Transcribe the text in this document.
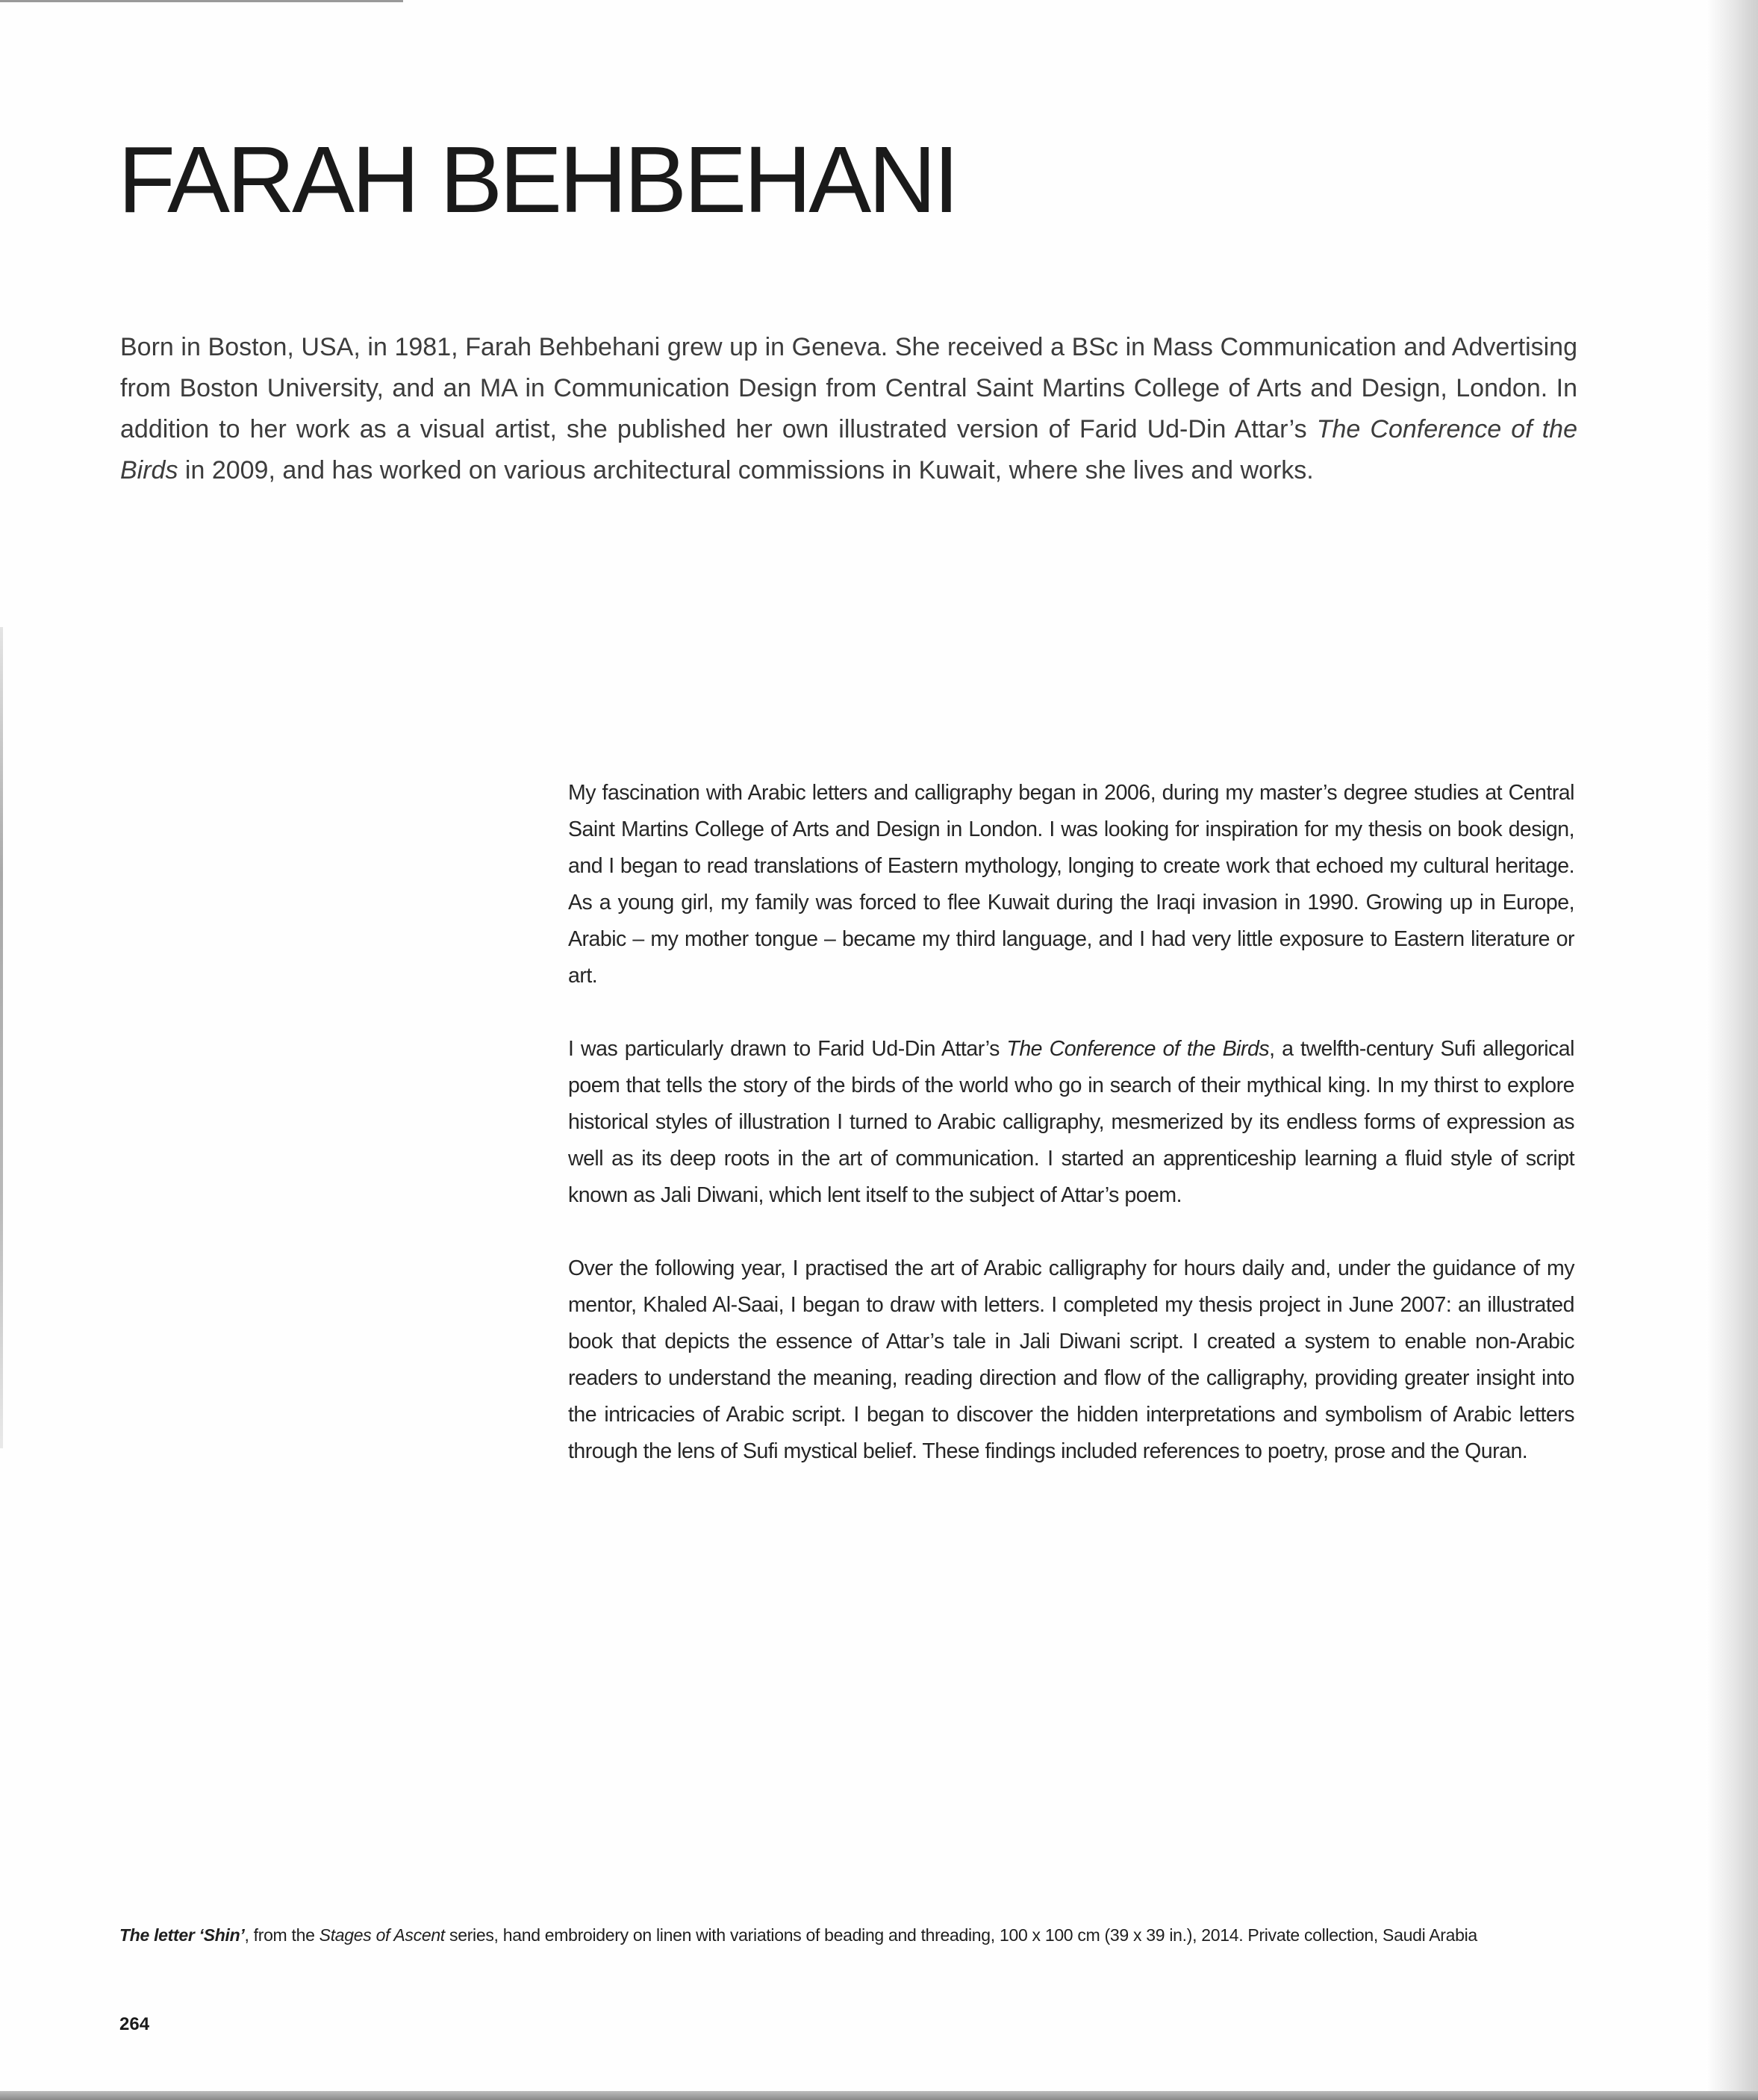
FARAH BEHBEHANI

Born in Boston, USA, in 1981, Farah Behbehani grew up in Geneva. She received a BSc in Mass Communication and Advertising from Boston University, and an MA in Communication Design from Central Saint Martins College of Arts and Design, London. In addition to her work as a visual artist, she published her own illustrated version of Farid Ud-Din Attar’s The Conference of the Birds in 2009, and has worked on various architectural commissions in Kuwait, where she lives and works.

My fascination with Arabic letters and calligraphy began in 2006, during my master’s degree studies at Central Saint Martins College of Arts and Design in London. I was looking for inspiration for my thesis on book design, and I began to read translations of Eastern mythology, longing to create work that echoed my cultural heritage. As a young girl, my family was forced to flee Kuwait during the Iraqi invasion in 1990. Growing up in Europe, Arabic – my mother tongue – became my third language, and I had very little exposure to Eastern literature or art.

I was particularly drawn to Farid Ud-Din Attar’s The Conference of the Birds, a twelfth-century Sufi allegorical poem that tells the story of the birds of the world who go in search of their mythical king. In my thirst to explore historical styles of illustration I turned to Arabic calligraphy, mesmerized by its endless forms of expression as well as its deep roots in the art of communication. I started an apprenticeship learning a fluid style of script known as Jali Diwani, which lent itself to the subject of Attar’s poem.

Over the following year, I practised the art of Arabic calligraphy for hours daily and, under the guidance of my mentor, Khaled Al-Saai, I began to draw with letters. I completed my thesis project in June 2007: an illustrated book that depicts the essence of Attar’s tale in Jali Diwani script. I created a system to enable non-Arabic readers to understand the meaning, reading direction and flow of the calligraphy, providing greater insight into the intricacies of Arabic script. I began to discover the hidden interpretations and symbolism of Arabic letters through the lens of Sufi mystical belief. These findings included references to poetry, prose and the Quran.

The letter ‘Shin’, from the Stages of Ascent series, hand embroidery on linen with variations of beading and threading, 100 x 100 cm (39 x 39 in.), 2014. Private collection, Saudi Arabia

264
